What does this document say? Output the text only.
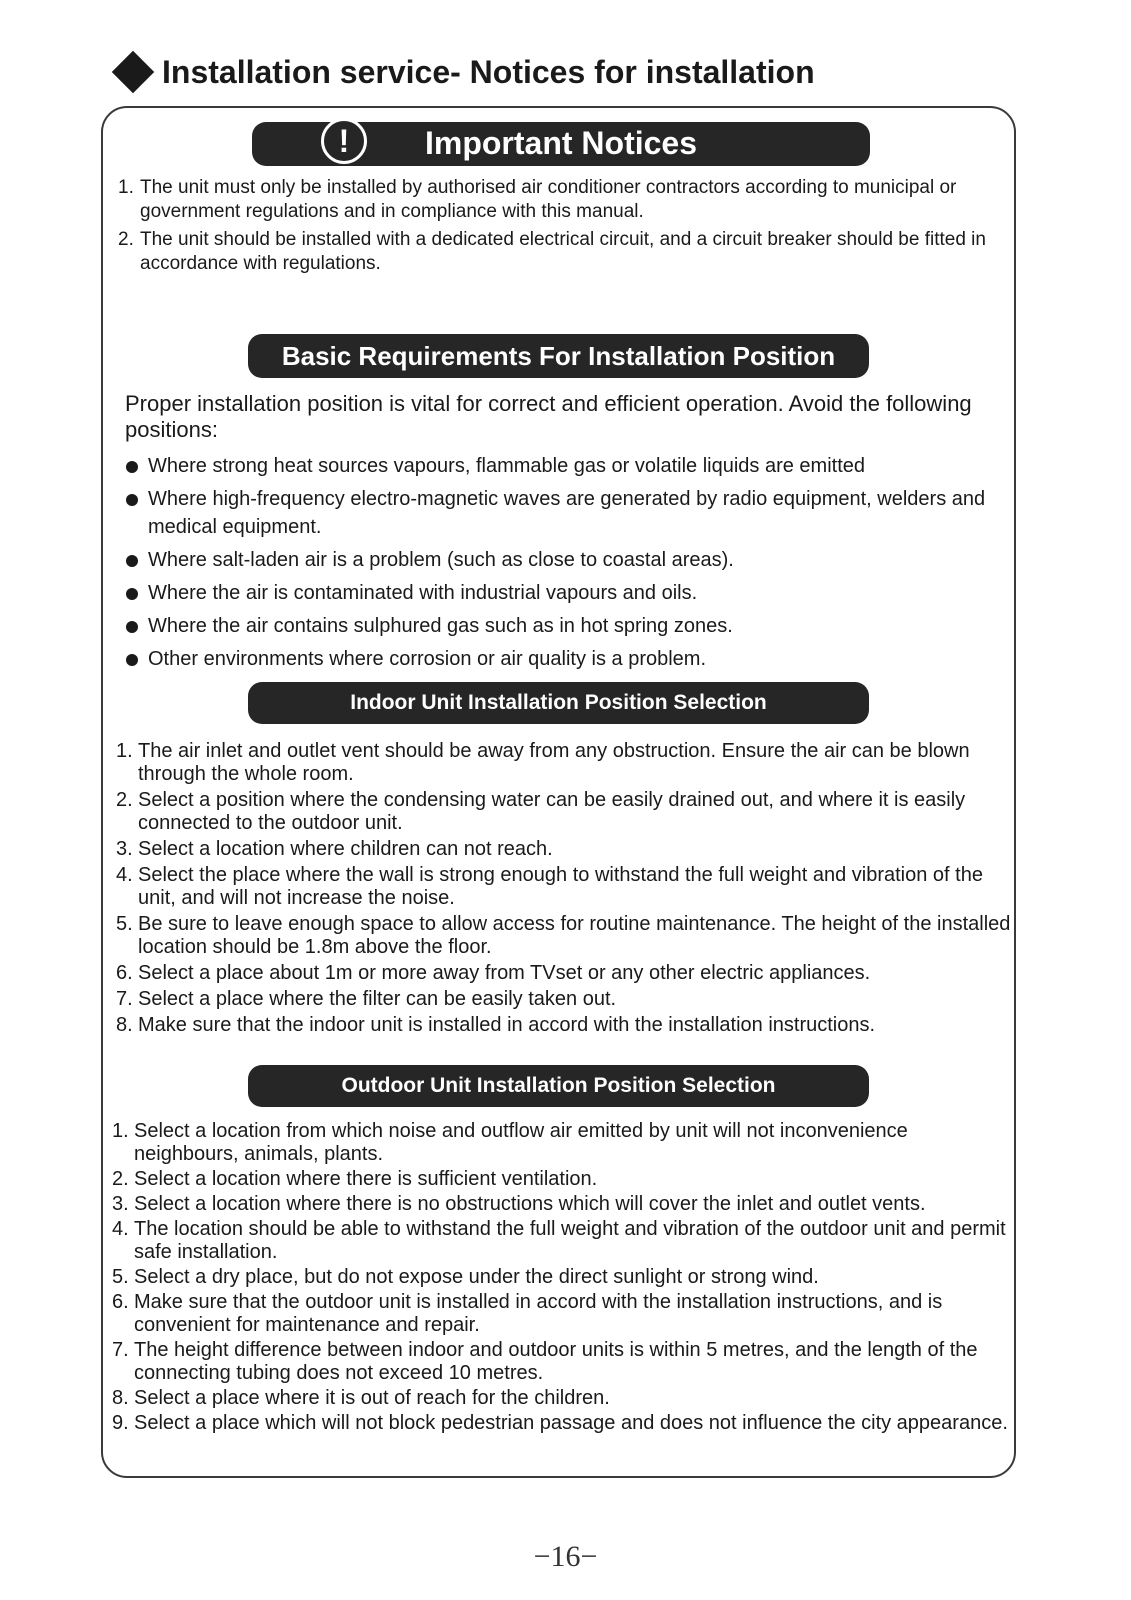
Installation service- Notices for installation
Important Notices
!
1. The unit must only be installed by authorised air conditioner contractors according to municipal or government regulations and in compliance with this manual.
2. The unit should be installed with a dedicated electrical circuit, and a circuit breaker should be fitted in accordance with regulations.
Basic Requirements For Installation Position
Proper installation position is vital for correct and efficient operation. Avoid the following positions:
Where strong heat sources vapours, flammable gas or volatile liquids are emitted
Where high-frequency electro-magnetic waves are generated by radio equipment, welders and medical equipment.
Where salt-laden air is a problem (such as close to coastal areas).
Where the air is contaminated with industrial vapours and oils.
Where the air contains sulphured gas such as in hot spring zones.
Other environments where corrosion or air quality is a problem.
Indoor Unit Installation Position Selection
1. The air inlet and outlet vent should be away from any obstruction. Ensure the air can be blown through the whole room.
2. Select a position where the condensing water can be easily drained out, and where it is easily connected to the outdoor unit.
3. Select a location where children can not reach.
4. Select the place where the wall is strong enough to withstand the full weight and vibration of the unit, and will not increase the noise.
5. Be sure to leave enough space to allow access for routine maintenance. The height of the installed location should be 1.8m above the floor.
6. Select a place about 1m or more away from TVset or any other electric appliances.
7. Select a place where the filter can be easily taken out.
8. Make sure that the indoor unit is installed in accord with the installation instructions.
Outdoor Unit Installation Position Selection
1. Select a location from which noise and outflow air emitted by unit will not inconvenience neighbours, animals, plants.
2. Select a location where there is sufficient ventilation.
3. Select a location where there is no obstructions which will cover the inlet and outlet vents.
4. The location should be able to withstand the full weight and vibration of the outdoor unit and permit safe installation.
5. Select a dry place, but do not expose under the direct sunlight or strong wind.
6. Make sure that the outdoor unit is installed in accord with the installation instructions, and is convenient for maintenance and repair.
7. The height difference between indoor and outdoor units is within 5 metres, and the length of the connecting tubing does not exceed 10 metres.
8. Select a place where it is out of reach for the children.
9. Select a place which will not block pedestrian passage and does not influence the city appearance.
−16−
